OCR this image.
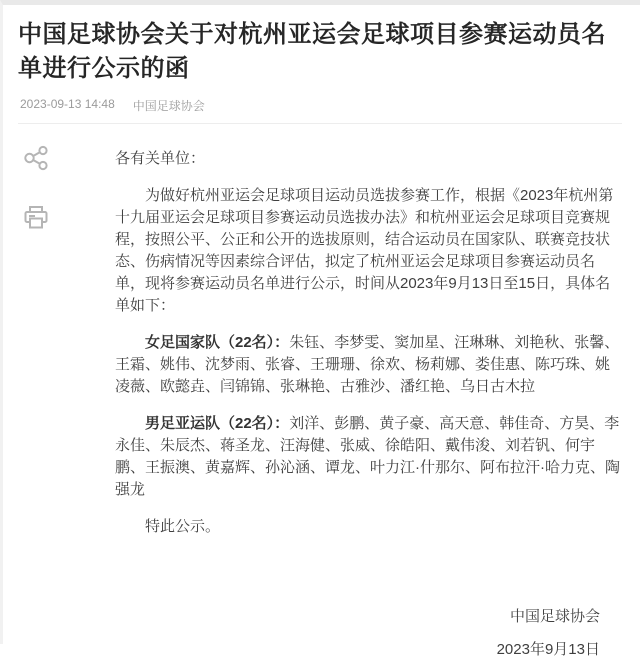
中国足球协会关于对杭州亚运会足球项目参赛运动员名单进行公示的函
2023-09-13 14:48 中国足球协会

各有关单位：

为做好杭州亚运会足球项目运动员选拔参赛工作，根据《2023年杭州第十九届亚运会足球项目参赛运动员选拔办法》和杭州亚运会足球项目竞赛规程，按照公平、公正和公开的选拔原则，结合运动员在国家队、联赛竞技状态、伤病情况等因素综合评估，拟定了杭州亚运会足球项目参赛运动员名单，现将参赛运动员名单进行公示，时间从2023年9月13日至15日，具体名单如下：

女足国家队（22名）：朱钰、李梦雯、窦加星、汪琳琳、刘艳秋、张馨、王霜、姚伟、沈梦雨、张睿、王珊珊、徐欢、杨莉娜、娄佳惠、陈巧珠、姚凌薇、欧懿垚、闫锦锦、张琳艳、古雅沙、潘红艳、乌日古木拉

男足亚运队（22名）：刘洋、彭鹏、黄子豪、高天意、韩佳奇、方昊、李永佳、朱辰杰、蒋圣龙、汪海健、张威、徐皓阳、戴伟浚、刘若钒、何宇鹏、王振澳、黄嘉辉、孙沁涵、谭龙、叶力江·什那尔、阿布拉汗·哈力克、陶强龙

特此公示。

中国足球协会

2023年9月13日
